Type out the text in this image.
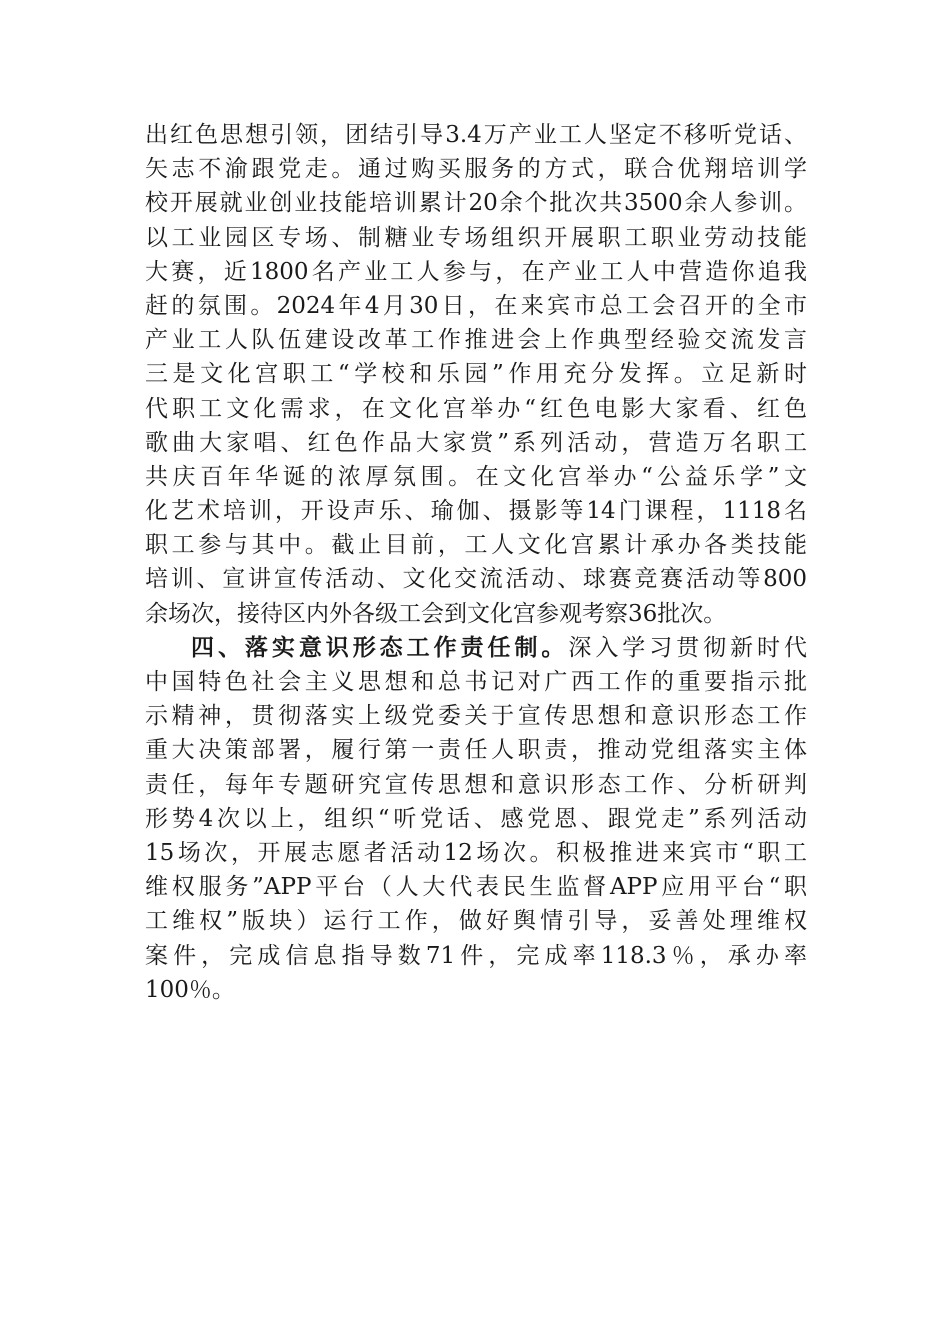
出红色思想引领，团结引导3.4万产业工人坚定不移听党话、
矢志不渝跟党走。通过购买服务的方式，联合优翔培训学
校开展就业创业技能培训累计20余个批次共3500余人参训。
以工业园区专场、制糖业专场组织开展职工职业劳动技能
大赛，近1800名产业工人参与，在产业工人中营造你追我
赶的氛围。2024年4月30日，在来宾市总工会召开的全市
产业工人队伍建设改革工作推进会上作典型经验交流发言
三是文化宫职工“学校和乐园”作用充分发挥。立足新时
代职工文化需求，在文化宫举办“红色电影大家看、红色
歌曲大家唱、红色作品大家赏”系列活动，营造万名职工
共庆百年华诞的浓厚氛围。在文化宫举办“公益乐学”文
化艺术培训，开设声乐、瑜伽、摄影等14门课程，1118名
职工参与其中。截止目前，工人文化宫累计承办各类技能
培训、宣讲宣传活动、文化交流活动、球赛竞赛活动等800
余场次，接待区内外各级工会到文化宫参观考察36批次。
四、落实意识形态工作责任制。深入学习贯彻新时代
中国特色社会主义思想和总书记对广西工作的重要指示批
示精神，贯彻落实上级党委关于宣传思想和意识形态工作
重大决策部署，履行第一责任人职责，推动党组落实主体
责任，每年专题研究宣传思想和意识形态工作、分析研判
形势4次以上，组织“听党话、感党恩、跟党走”系列活动
15场次，开展志愿者活动12场次。积极推进来宾市“职工
维权服务”APP平台（人大代表民生监督APP应用平台“职
工维权”版块）运行工作，做好舆情引导，妥善处理维权
案件，完成信息指导数71件，完成率118.3％，承办率
100％。
